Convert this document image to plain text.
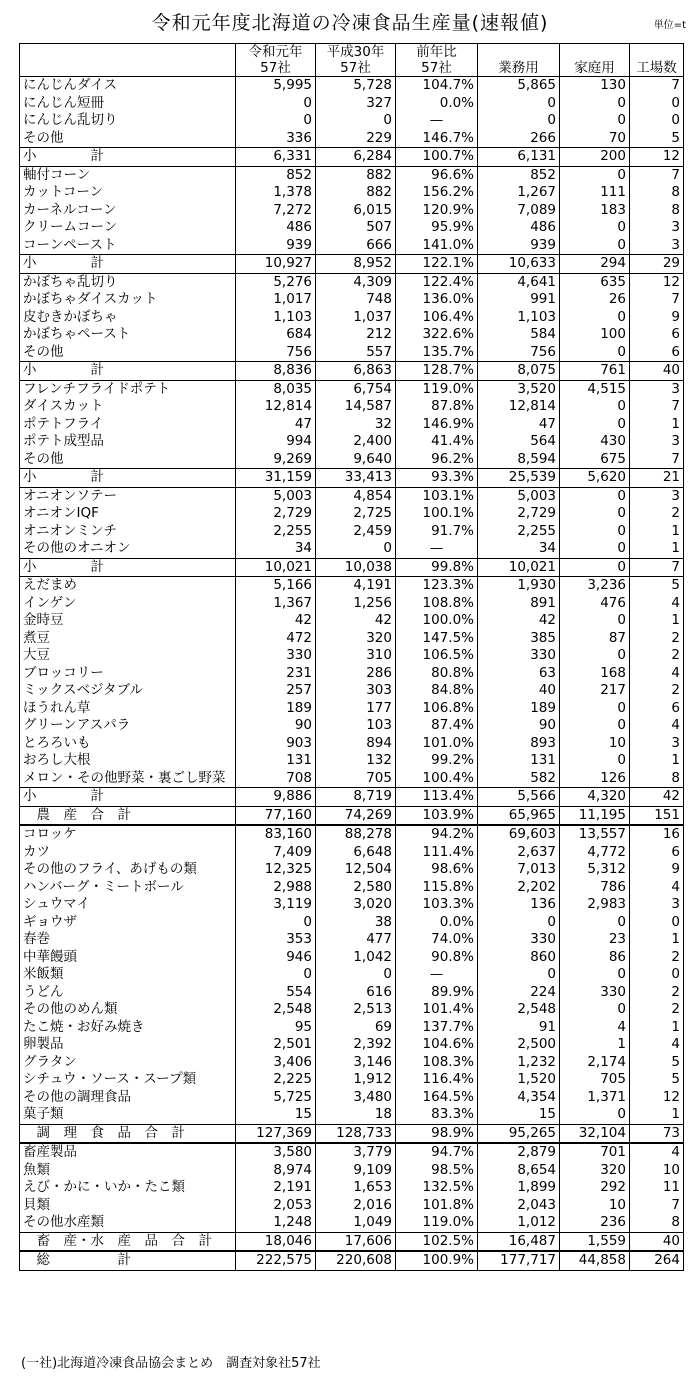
令和元年度北海道の冷凍食品生産量(速報値)	単位=t
	令和元年	平成30年	前年比			
	57社	57社	57社	業務用	家庭用	工場数
にんじんダイス	5,995	5,728	104.7%	5,865	130	7
にんじん短冊	0	327	0.0%	0	0	0
にんじん乱切り	0	0	—	0	0	0
その他	336	229	146.7%	266	70	5
小　　　　計	6,331	6,284	100.7%	6,131	200	12
軸付コーン	852	882	96.6%	852	0	7
カットコーン	1,378	882	156.2%	1,267	111	8
カーネルコーン	7,272	6,015	120.9%	7,089	183	8
クリームコーン	486	507	95.9%	486	0	3
コーンペースト	939	666	141.0%	939	0	3
小　　　　計	10,927	8,952	122.1%	10,633	294	29
かぼちゃ乱切り	5,276	4,309	122.4%	4,641	635	12
かぼちゃダイスカット	1,017	748	136.0%	991	26	7
皮むきかぼちゃ	1,103	1,037	106.4%	1,103	0	9
かぼちゃペースト	684	212	322.6%	584	100	6
その他	756	557	135.7%	756	0	6
小　　　　計	8,836	6,863	128.7%	8,075	761	40
フレンチフライドポテト	8,035	6,754	119.0%	3,520	4,515	3
ダイスカット	12,814	14,587	87.8%	12,814	0	7
ポテトフライ	47	32	146.9%	47	0	1
ポテト成型品	994	2,400	41.4%	564	430	3
その他	9,269	9,640	96.2%	8,594	675	7
小　　　　計	31,159	33,413	93.3%	25,539	5,620	21
オニオンソテー	5,003	4,854	103.1%	5,003	0	3
オニオンIQF	2,729	2,725	100.1%	2,729	0	2
オニオンミンチ	2,255	2,459	91.7%	2,255	0	1
その他のオニオン	34	0	—	34	0	1
小　　　　計	10,021	10,038	99.8%	10,021	0	7
えだまめ	5,166	4,191	123.3%	1,930	3,236	5
インゲン	1,367	1,256	108.8%	891	476	4
金時豆	42	42	100.0%	42	0	1
煮豆	472	320	147.5%	385	87	2
大豆	330	310	106.5%	330	0	2
ブロッコリー	231	286	80.8%	63	168	4
ミックスベジタブル	257	303	84.8%	40	217	2
ほうれん草	189	177	106.8%	189	0	6
グリーンアスパラ	90	103	87.4%	90	0	4
とろろいも	903	894	101.0%	893	10	3
おろし大根	131	132	99.2%	131	0	1
メロン・その他野菜・裏ごし野菜	708	705	100.4%	582	126	8
小　　　　計	9,886	8,719	113.4%	5,566	4,320	42
　農　産　合　計	77,160	74,269	103.9%	65,965	11,195	151
コロッケ	83,160	88,278	94.2%	69,603	13,557	16
カツ	7,409	6,648	111.4%	2,637	4,772	6
その他のフライ、あげもの類	12,325	12,504	98.6%	7,013	5,312	9
ハンバーグ・ミートボール	2,988	2,580	115.8%	2,202	786	4
シュウマイ	3,119	3,020	103.3%	136	2,983	3
ギョウザ	0	38	0.0%	0	0	0
春巻	353	477	74.0%	330	23	1
中華饅頭	946	1,042	90.8%	860	86	2
米飯類	0	0	—	0	0	0
うどん	554	616	89.9%	224	330	2
その他のめん類	2,548	2,513	101.4%	2,548	0	2
たこ焼・お好み焼き	95	69	137.7%	91	4	1
卵製品	2,501	2,392	104.6%	2,500	1	4
グラタン	3,406	3,146	108.3%	1,232	2,174	5
シチュウ・ソース・スープ類	2,225	1,912	116.4%	1,520	705	5
その他の調理食品	5,725	3,480	164.5%	4,354	1,371	12
菓子類	15	18	83.3%	15	0	1
　調　理　食　品　合　計	127,369	128,733	98.9%	95,265	32,104	73
畜産製品	3,580	3,779	94.7%	2,879	701	4
魚類	8,974	9,109	98.5%	8,654	320	10
えび・かに・いか・たこ類	2,191	1,653	132.5%	1,899	292	11
貝類	2,053	2,016	101.8%	2,043	10	7
その他水産類	1,248	1,049	119.0%	1,012	236	8
　畜　産・水　産　品　合　計	18,046	17,606	102.5%	16,487	1,559	40
　総　　　　　計	222,575	220,608	100.9%	177,717	44,858	264
(一社)北海道冷凍食品協会まとめ　調査対象社57社
